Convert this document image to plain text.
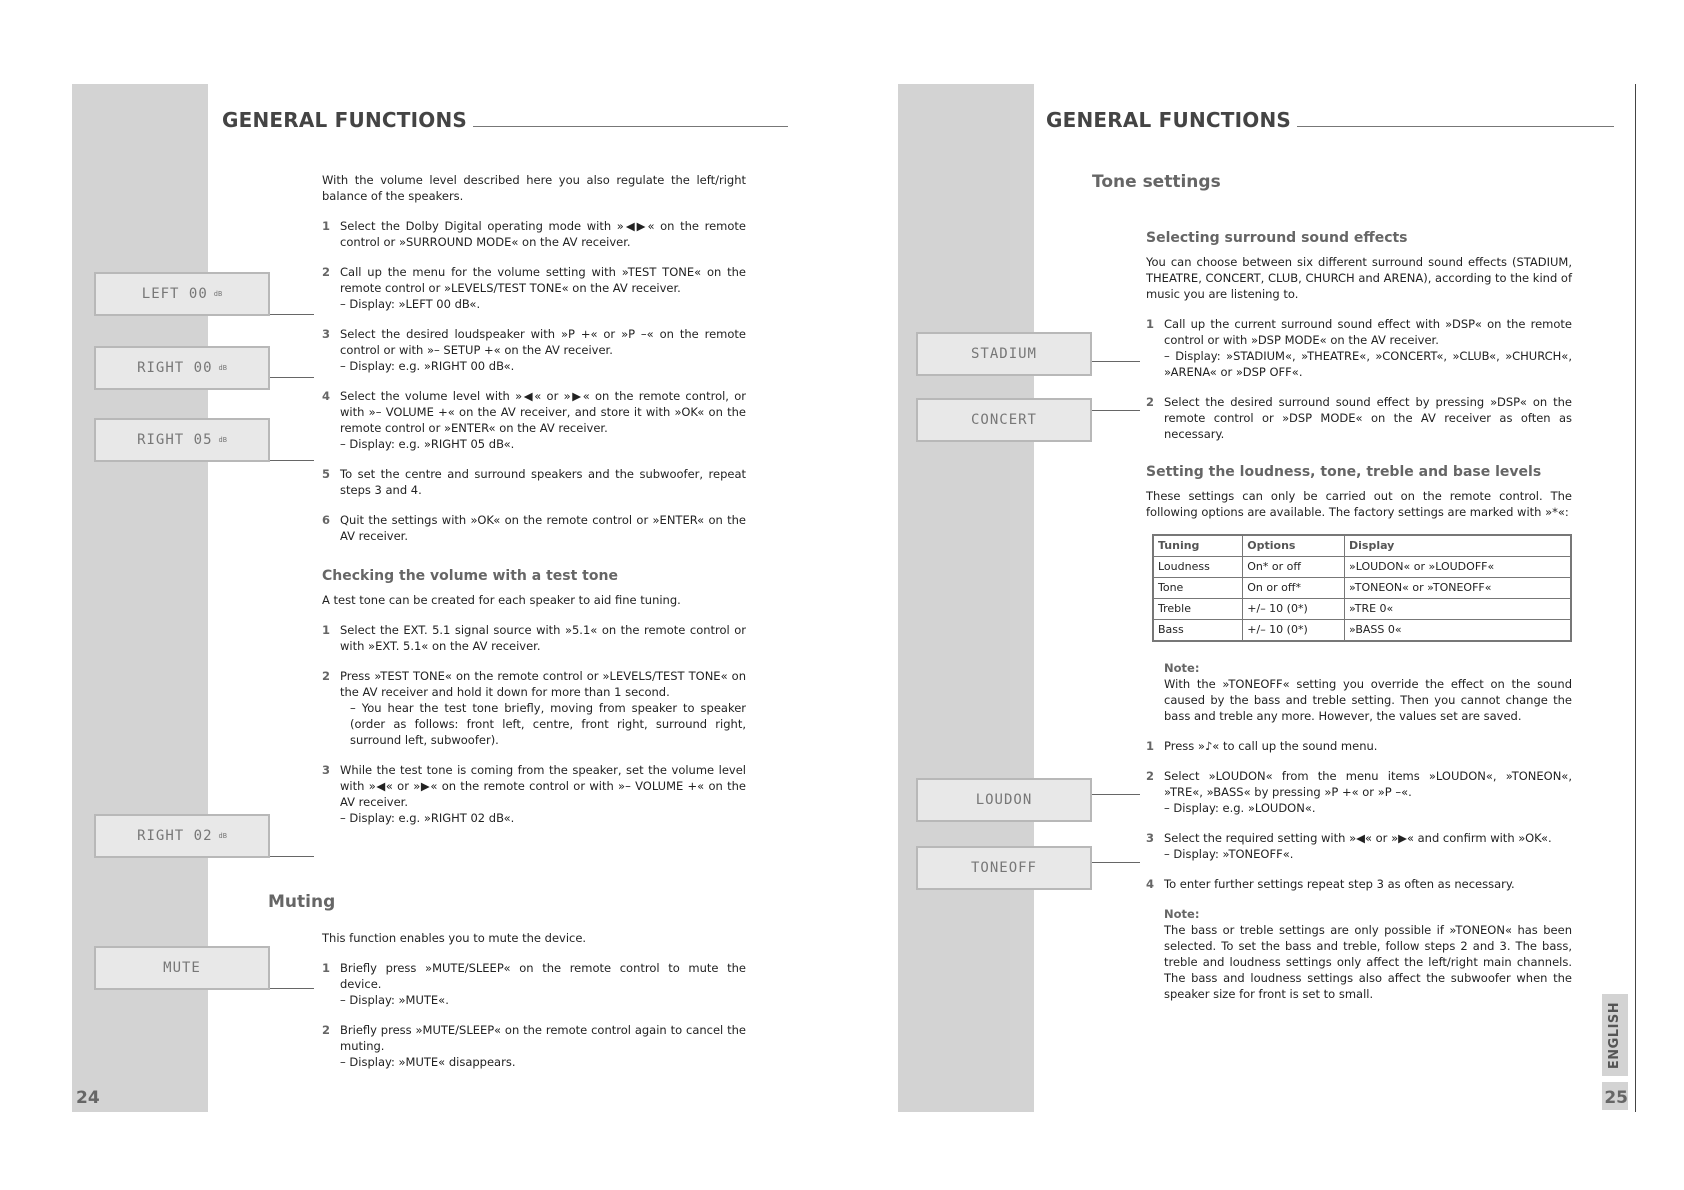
GENERAL FUNCTIONS

With the volume level described here you also regulate the left/right balance of the speakers.

1 Select the Dolby Digital operating mode with »◀▶« on the remote control or »SURROUND MODE« on the AV receiver.

2 Call up the menu for the volume setting with »TEST TONE« on the remote control or »LEVELS/TEST TONE« on the AV receiver.

– Display: »LEFT 00 dB«.

3 Select the desired loudspeaker with »P +« or »P –« on the remote control or with »– SETUP +« on the AV receiver.

– Display: e.g. »RIGHT 00 dB«.

4 Select the volume level with »◀« or »▶« on the remote control, or with »– VOLUME +« on the AV receiver, and store it with »OK« on the remote control or »ENTER« on the AV receiver.

– Display: e.g. »RIGHT 05 dB«.

5 To set the centre and surround speakers and the subwoofer, repeat steps 3 and 4.

6 Quit the settings with »OK« on the remote control or »ENTER« on the AV receiver.

Checking the volume with a test tone

A test tone can be created for each speaker to aid fine tuning.

1 Select the EXT. 5.1 signal source with »5.1« on the remote control or with »EXT. 5.1« on the AV receiver.

2 Press »TEST TONE« on the remote control or »LEVELS/TEST TONE« on the AV receiver and hold it down for more than 1 second.

– You hear the test tone briefly, moving from speaker to speaker (order as follows: front left, centre, front right, surround right, surround left, subwoofer).

3 While the test tone is coming from the speaker, set the volume level with »◀« or »▶« on the remote control or with »– VOLUME +« on the AV receiver.

– Display: e.g. »RIGHT 02 dB«.

Muting

This function enables you to mute the device.

1 Briefly press »MUTE/SLEEP« on the remote control to mute the device.

– Display: »MUTE«.

2 Briefly press »MUTE/SLEEP« on the remote control again to cancel the muting.

– Display: »MUTE« disappears.

LEFT 00 dB
RIGHT 00 dB
RIGHT 05 dB
RIGHT 02 dB
MUTE
24
GENERAL FUNCTIONS
Tone settings
Selecting surround sound effects

You can choose between six different surround sound effects (STADIUM, THEATRE, CONCERT, CLUB, CHURCH and ARENA), according to the kind of music you are listening to.

1 Call up the current surround sound effect with »DSP« on the remote control or with »DSP MODE« on the AV receiver.

– Display: »STADIUM«, »THEATRE«, »CONCERT«, »CLUB«, »CHURCH«, »ARENA« or »DSP OFF«.

2 Select the desired surround sound effect by pressing »DSP« on the remote control or »DSP MODE« on the AV receiver as often as necessary.

Setting the loudness, tone, treble and base levels

These settings can only be carried out on the remote control. The following options are available. The factory settings are marked with »*«:

Tuning	Options	Display
Loudness	On* or off	»LOUDON« or »LOUDOFF«
Tone	On or off*	»TONEON« or »TONEOFF«
Treble	+/– 10 (0*)	»TRE 0«
Bass	+/– 10 (0*)	»BASS 0«

Note:

With the »TONEOFF« setting you override the effect on the sound caused by the bass and treble setting. Then you cannot change the bass and treble any more. However, the values set are saved.

1 Press »♪« to call up the sound menu.

2 Select »LOUDON« from the menu items »LOUDON«, »TONEON«, »TRE«, »BASS« by pressing »P +« or »P –«.

– Display: e.g. »LOUDON«.

3 Select the required setting with »◀« or »▶« and confirm with »OK«.

– Display: »TONEOFF«.

4 To enter further settings repeat step 3 as often as necessary.

Note:

The bass or treble settings are only possible if »TONEON« has been selected. To set the bass and treble, follow steps 2 and 3. The bass, treble and loudness settings only affect the left/right main channels. The bass and loudness settings also affect the subwoofer when the speaker size for front is set to small.

STADIUM
CONCERT
LOUDON
TONEOFF
ENGLISH
25
